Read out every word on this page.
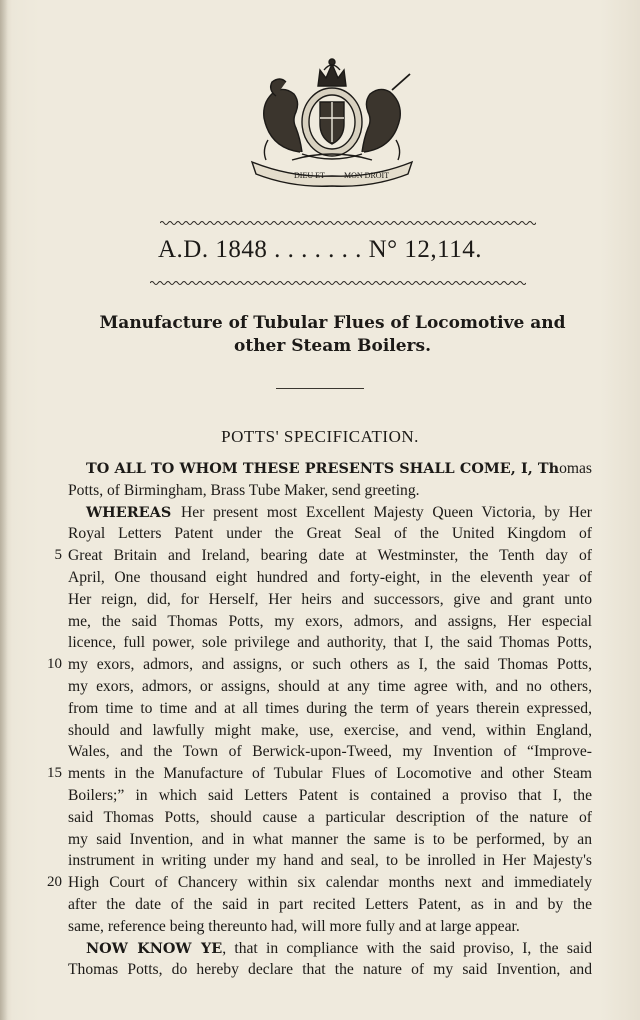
DIEU ET MON DROIT
A.D. 1848 . . . . . . . N° 12,114.
Manufacture of Tubular Flues of Locomotive and
other Steam Boilers.
POTTS' SPECIFICATION.
TO ALL TO WHOM THESE PRESENTS SHALL COME, I, Thomas
Potts, of Birmingham, Brass Tube Maker, send greeting.
WHEREAS Her present most Excellent Majesty Queen Victoria, by Her
Royal Letters Patent under the Great Seal of the United Kingdom of
5 Great Britain and Ireland, bearing date at Westminster, the Tenth day of
April, One thousand eight hundred and forty-eight, in the eleventh year of
Her reign, did, for Herself, Her heirs and successors, give and grant unto
me, the said Thomas Potts, my exors, admors, and assigns, Her especial
licence, full power, sole privilege and authority, that I, the said Thomas Potts,
10 my exors, admors, and assigns, or such others as I, the said Thomas Potts,
my exors, admors, or assigns, should at any time agree with, and no others,
from time to time and at all times during the term of years therein expressed,
should and lawfully might make, use, exercise, and vend, within England,
Wales, and the Town of Berwick-upon-Tweed, my Invention of “Improve-
15 ments in the Manufacture of Tubular Flues of Locomotive and other Steam
Boilers;” in which said Letters Patent is contained a proviso that I, the
said Thomas Potts, should cause a particular description of the nature of
my said Invention, and in what manner the same is to be performed, by an
instrument in writing under my hand and seal, to be inrolled in Her Majesty's
20 High Court of Chancery within six calendar months next and immediately
after the date of the said in part recited Letters Patent, as in and by the
same, reference being thereunto had, will more fully and at large appear.
NOW KNOW YE, that in compliance with the said proviso, I, the said
Thomas Potts, do hereby declare that the nature of my said Invention, and
